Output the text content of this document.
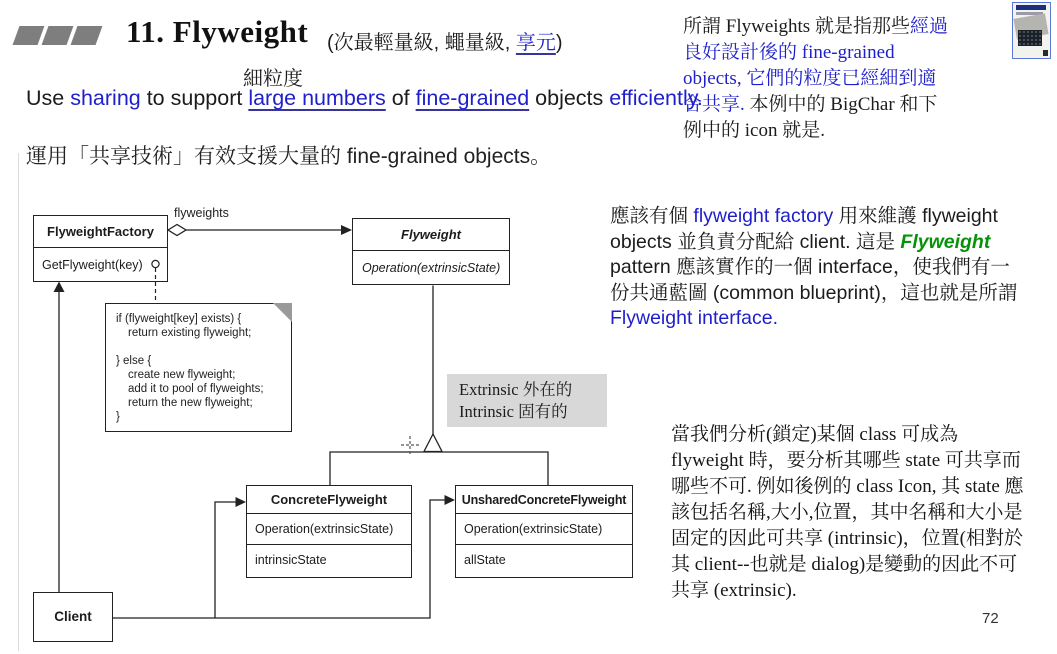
11. Flyweight (次最輕量級, 蠅量級, 享元)
細粒度
Use sharing to support large numbers of fine-grained objects efficiently.
運用「共享技術」有效支援大量的 fine-grained objects。
所謂 Flyweights 就是指那些經過
良好設計後的 fine-grained
objects, 它們的粒度已經細到適
合共享. 本例中的 BigChar 和下
例中的 icon 就是.
應該有個 flyweight factory 用來維護 flyweight
objects 並負責分配給 client. 這是 Flyweight
pattern 應該實作的一個 interface，使我們有一
份共通藍圖 (common blueprint)，這也就是所謂
Flyweight interface.
當我們分析(鎖定)某個 class 可成為
flyweight 時，要分析其哪些 state 可共享而
哪些不可. 例如後例的 class Icon, 其 state 應
該包括名稱,大小,位置，其中名稱和大小是
固定的因此可共享 (intrinsic)，位置(相對於
其 client--也就是 dialog)是變動的因此不可
共享 (extrinsic).
FlyweightFactory
GetFlyweight(key)
flyweights
Flyweight
Operation(extrinsicState)
if (flyweight[key] exists) {
return existing flyweight;
} else {
create new flyweight;
add it to pool of flyweights;
return the new flyweight;
}
Extrinsic 外在的
Intrinsic 固有的
ConcreteFlyweight
Operation(extrinsicState)
intrinsicState
UnsharedConcreteFlyweight
Operation(extrinsicState)
allState
Client	72
